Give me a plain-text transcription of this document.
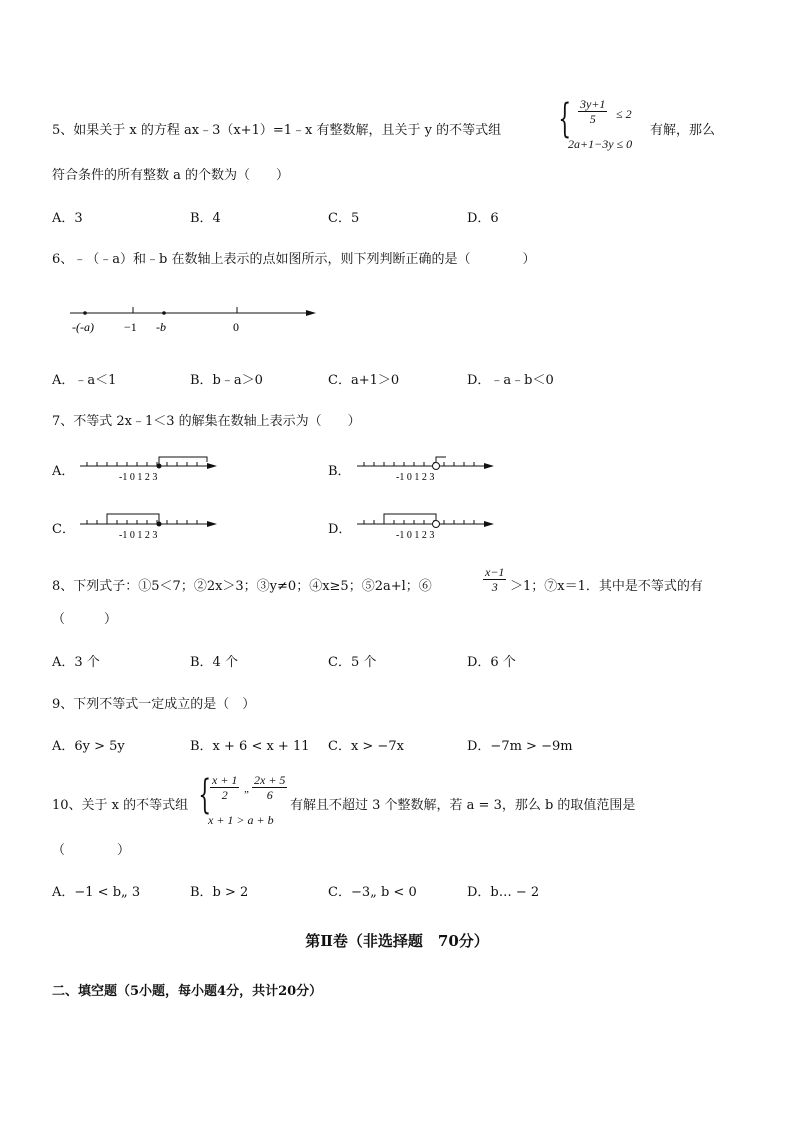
5、如果关于 x 的方程 ax﹣3（x+1）=1﹣x 有整数解，且关于 y 的不等式组 { $\frac{3y+1}{5} \le 2$
2a+1−3y ≤ 0
有解，那么
符合条件的所有整数 a 的个数为（　　）
A．3	B．4	C．5	D．6
6、﹣（﹣a）和﹣b 在数轴上表示的点如图所示，则下列判断正确的是（　　　　）
-(-a)	−1 -b	0
A．﹣a＜1	B．b﹣a＞0	C．a+1＞0	D．﹣a﹣b＜0
7、不等式 2x﹣1＜3 的解集在数轴上表示为（　　）
A．	-1 0 1 2 3	B．	-1 0 1 2 3
C．	-1 0 1 2 3	D．	-1 0 1 2 3
8、下列式子：①5＜7；②2x＞3；③y≠0；④x≥5；⑤2a+l；⑥	$\frac{x-1}{3} >1$；⑦x＝1．其中是不等式的有
（　　　）
A．3 个	B．4 个	C．5 个	D．6 个
9、下列不等式一定成立的是（　）
A．6y > 5y	B．x + 6 < x + 11 C．x > −7x	D．−7m > −9m
10、关于 x 的不等式组 {
$\frac{x + 1}{2}$ „ $\frac{2x + 5}{6}$
x + 1 > a + b
有解且不超过 3 个整数解，若 a = 3，那么 b 的取值范围是
（　　　　）
A．−1 < b„ 3	B．b > 2	C．−3„ b < 0	D．b… − 2
第Ⅱ卷（非选择题　70分）
二、填空题（5小题，每小题4分，共计20分）
